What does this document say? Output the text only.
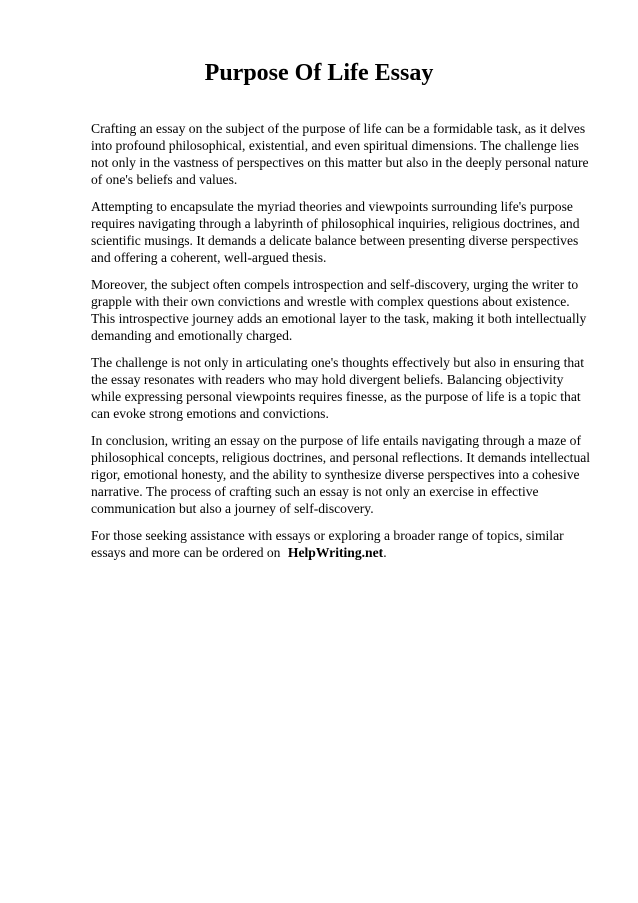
Purpose Of Life Essay

Crafting an essay on the subject of the purpose of life can be a formidable task, as it delves into profound philosophical, existential, and even spiritual dimensions. The challenge lies not only in the vastness of perspectives on this matter but also in the deeply personal nature of one's beliefs and values.

Attempting to encapsulate the myriad theories and viewpoints surrounding life's purpose requires navigating through a labyrinth of philosophical inquiries, religious doctrines, and scientific musings. It demands a delicate balance between presenting diverse perspectives and offering a coherent, well-argued thesis.

Moreover, the subject often compels introspection and self-discovery, urging the writer to grapple with their own convictions and wrestle with complex questions about existence. This introspective journey adds an emotional layer to the task, making it both intellectually demanding and emotionally charged.

The challenge is not only in articulating one's thoughts effectively but also in ensuring that the essay resonates with readers who may hold divergent beliefs. Balancing objectivity while expressing personal viewpoints requires finesse, as the purpose of life is a topic that can evoke strong emotions and convictions.

In conclusion, writing an essay on the purpose of life entails navigating through a maze of philosophical concepts, religious doctrines, and personal reflections. It demands intellectual rigor, emotional honesty, and the ability to synthesize diverse perspectives into a cohesive narrative. The process of crafting such an essay is not only an exercise in effective communication but also a journey of self-discovery.

For those seeking assistance with essays or exploring a broader range of topics, similar essays and more can be ordered on HelpWriting.net.
